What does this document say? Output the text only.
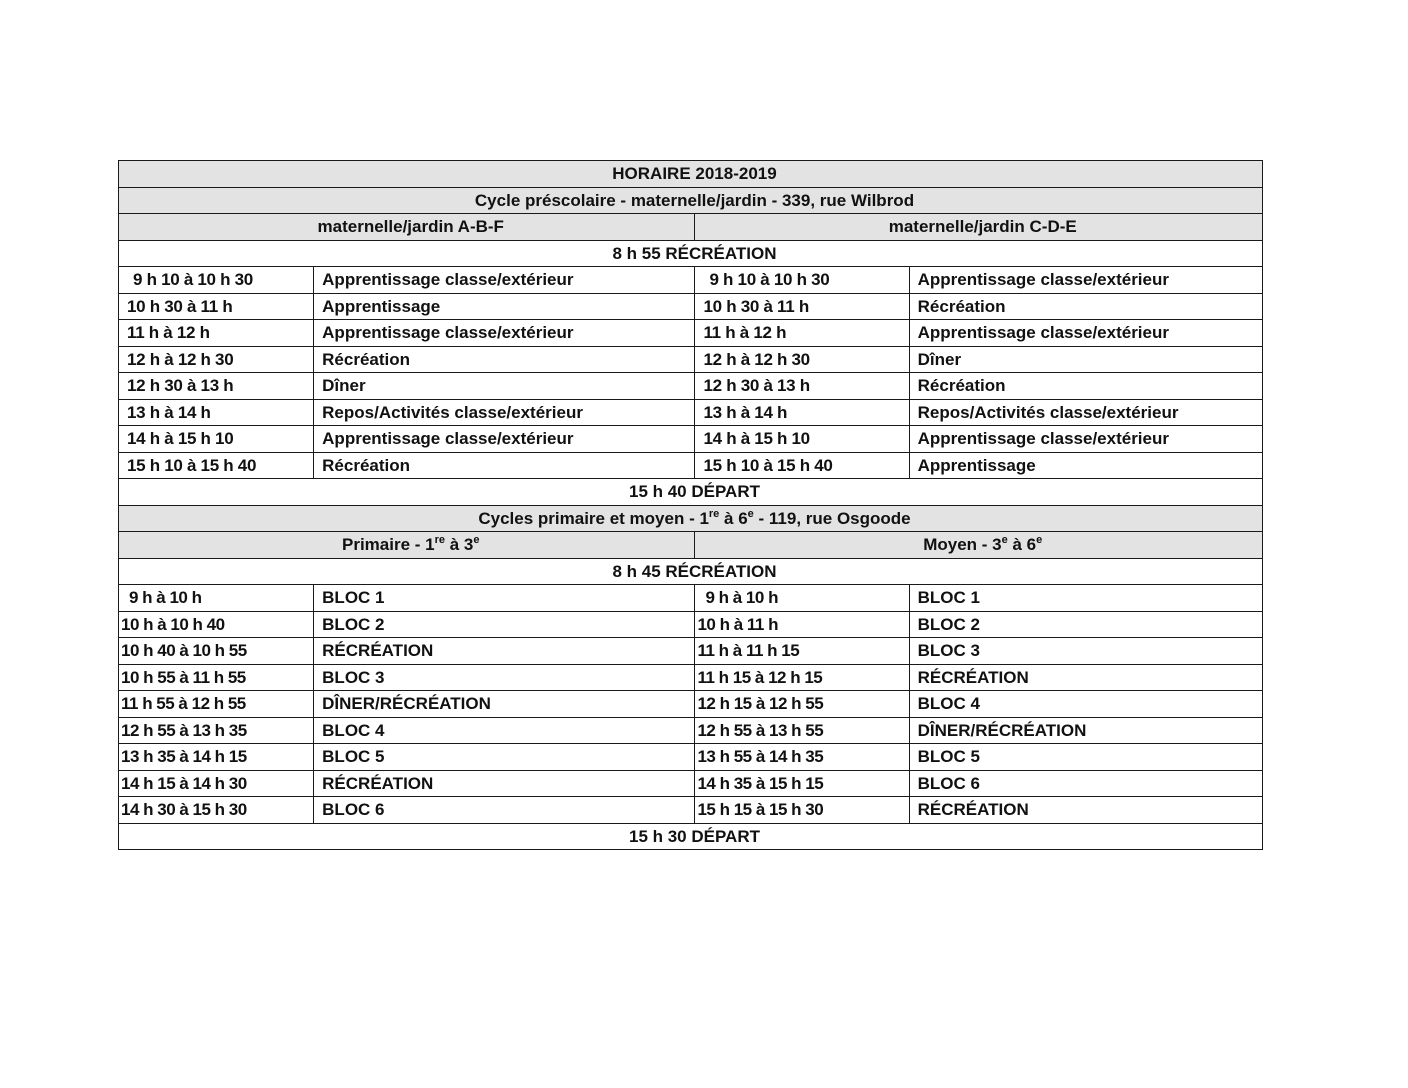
HORAIRE 2018-2019			
Cycle préscolaire - maternelle/jardin - 339, rue Wilbrod			
maternelle/jardin A-B-F		maternelle/jardin C-D-E	
8 h 55 RÉCRÉATION			
9 h 10 à 10 h 30	Apprentissage classe/extérieur	9 h 10 à 10 h 30	Apprentissage classe/extérieur
10 h 30 à 11 h	Apprentissage	10 h 30 à 11 h	Récréation
11 h à 12 h	Apprentissage classe/extérieur	11 h à 12 h	Apprentissage classe/extérieur
12 h à 12 h 30	Récréation	12 h à 12 h 30	Dîner
12 h 30 à 13 h	Dîner	12 h 30 à 13 h	Récréation
13 h à 14 h	Repos/Activités classe/extérieur	13 h à 14 h	Repos/Activités classe/extérieur
14 h à 15 h 10	Apprentissage classe/extérieur	14 h à 15 h 10	Apprentissage classe/extérieur
15 h 10 à 15 h 40	Récréation	15 h 10 à 15 h 40	Apprentissage
15 h 40 DÉPART			
Cycles primaire et moyen - 1re à 6e - 119, rue Osgoode			
Primaire - 1re à 3e		Moyen - 3e à 6e
8 h 45 RÉCRÉATION			
9 h à 10 h	BLOC 1	9 h à 10 h	BLOC 1
10 h à 10 h 40	BLOC 2	10 h à 11 h	BLOC 2
10 h 40 à 10 h 55	RÉCRÉATION	11 h à 11 h 15	BLOC 3
10 h 55 à 11 h 55	BLOC 3	11 h 15 à 12 h 15	RÉCRÉATION
11 h 55 à 12 h 55	DÎNER/RÉCRÉATION	12 h 15 à 12 h 55	BLOC 4
12 h 55 à 13 h 35	BLOC 4	12 h 55 à 13 h 55	DÎNER/RÉCRÉATION
13 h 35 à 14 h 15	BLOC 5	13 h 55 à 14 h 35	BLOC 5
14 h 15 à 14 h 30	RÉCRÉATION	14 h 35 à 15 h 15	BLOC 6
14 h 30 à 15 h 30	BLOC 6	15 h 15 à 15 h 30	RÉCRÉATION
15 h 30 DÉPART			
